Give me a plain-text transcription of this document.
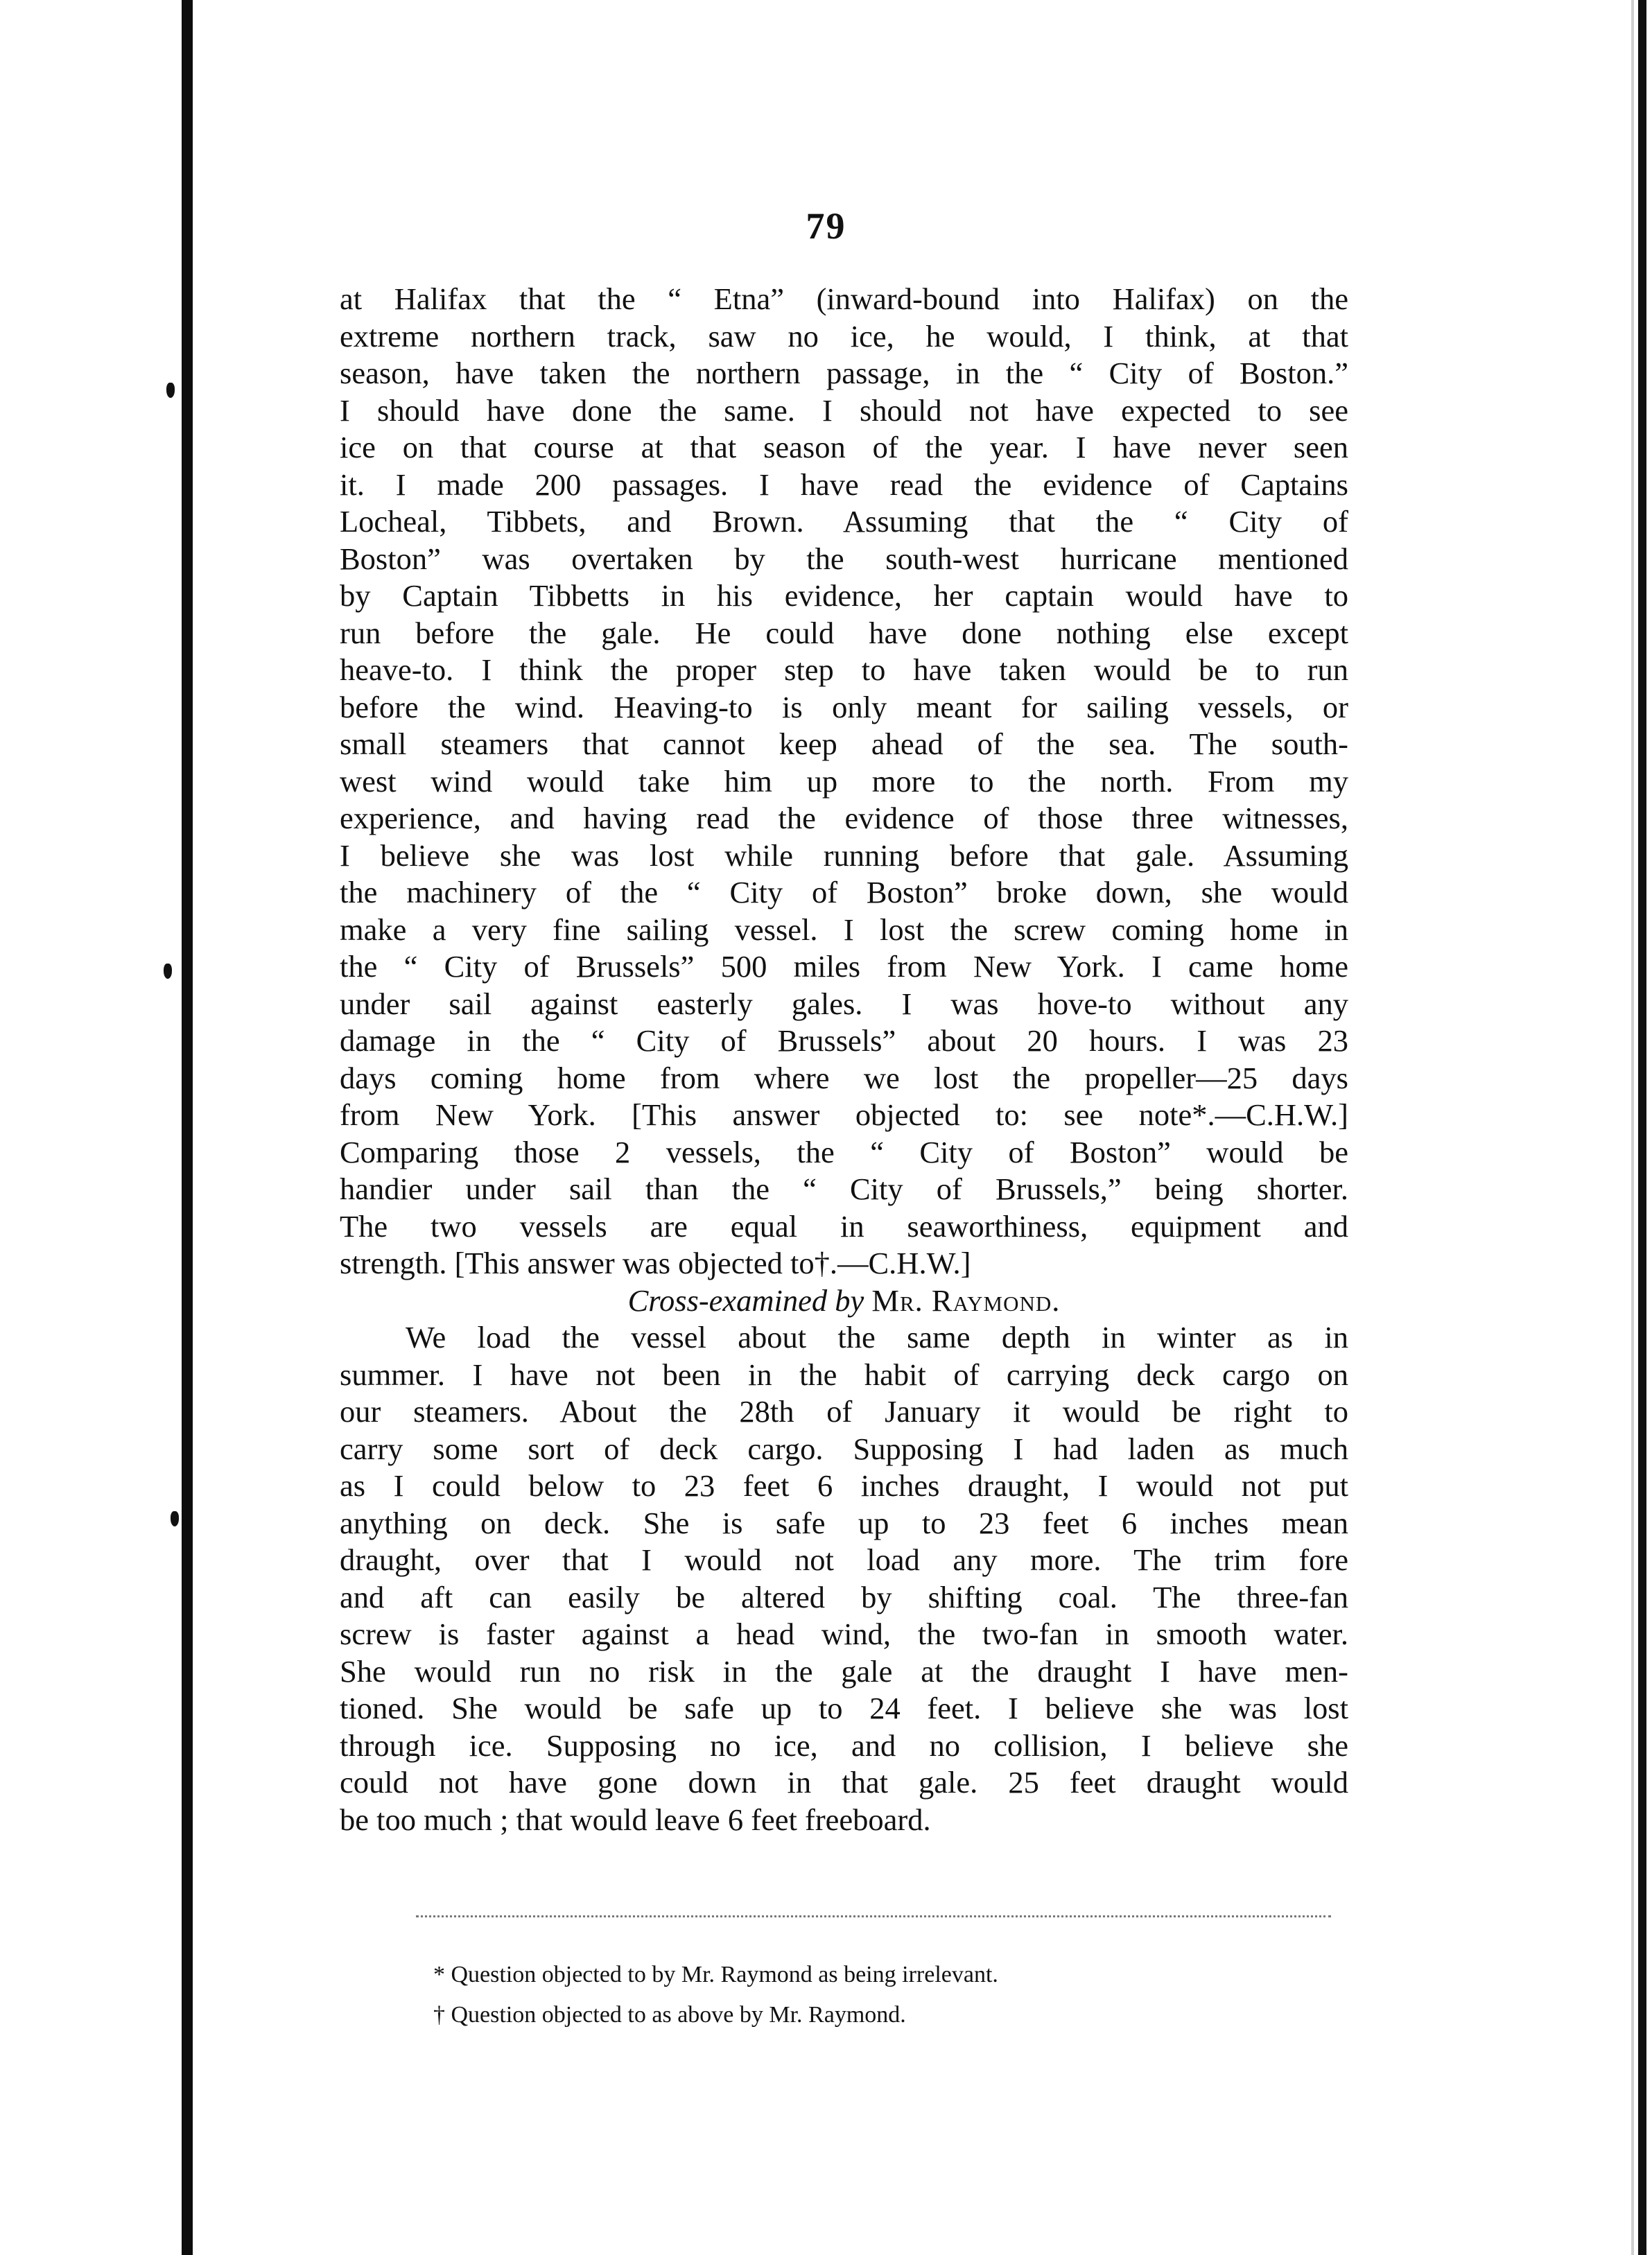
79

at Halifax that the “ Etna” (inward-bound into Halifax) on the

extreme northern track, saw no ice, he would, I think, at that

season, have taken the northern passage, in the “ City of Boston.”

I should have done the same. I should not have expected to see

ice on that course at that season of the year. I have never seen

it. I made 200 passages. I have read the evidence of Captains

Locheal, Tibbets, and Brown. Assuming that the “ City of

Boston” was overtaken by the south-west hurricane mentioned

by Captain Tibbetts in his evidence, her captain would have to

run before the gale. He could have done nothing else except

heave-to. I think the proper step to have taken would be to run

before the wind. Heaving-to is only meant for sailing vessels, or

small steamers that cannot keep ahead of the sea. The south-

west wind would take him up more to the north. From my

experience, and having read the evidence of those three witnesses,

I believe she was lost while running before that gale. Assuming

the machinery of the “ City of Boston” broke down, she would

make a very fine sailing vessel. I lost the screw coming home in

the “ City of Brussels” 500 miles from New York. I came home

under sail against easterly gales. I was hove-to without any

damage in the “ City of Brussels” about 20 hours. I was 23

days coming home from where we lost the propeller—25 days

from New York. [This answer objected to: see note*.—C.H.W.]

Comparing those 2 vessels, the “ City of Boston” would be

handier under sail than the “ City of Brussels,” being shorter.

The two vessels are equal in seaworthiness, equipment and

strength. [This answer was objected to†.—C.H.W.]

Cross-examined by Mr. Raymond.

We load the vessel about the same depth in winter as in

summer. I have not been in the habit of carrying deck cargo on

our steamers. About the 28th of January it would be right to

carry some sort of deck cargo. Supposing I had laden as much

as I could below to 23 feet 6 inches draught, I would not put

anything on deck. She is safe up to 23 feet 6 inches mean

draught, over that I would not load any more. The trim fore

and aft can easily be altered by shifting coal. The three-fan

screw is faster against a head wind, the two-fan in smooth water.

She would run no risk in the gale at the draught I have men-

tioned. She would be safe up to 24 feet. I believe she was lost

through ice. Supposing no ice, and no collision, I believe she

could not have gone down in that gale. 25 feet draught would

be too much ; that would leave 6 feet freeboard.

* Question objected to by Mr. Raymond as being irrelevant.
† Question objected to as above by Mr. Raymond.
